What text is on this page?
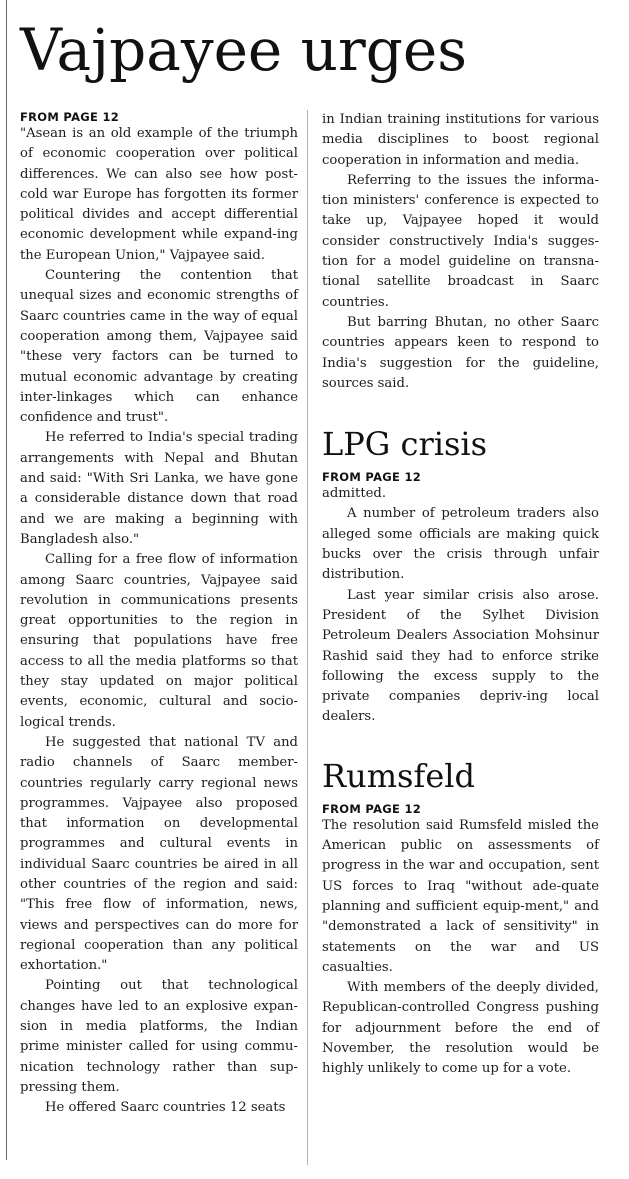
Vajpayee urges
FROM PAGE 12

"Asean is an old example of the triumph of economic cooperation over political differences. We can also see how post-cold war Europe has forgotten its former political divides and accept differential economic development while expand-ing the European Union," Vajpayee said.

Countering the contention that unequal sizes and economic strengths of Saarc countries came in the way of equal cooperation among them, Vajpayee said "these very factors can be turned to mutual economic advantage by creating inter-linkages which can enhance confidence and trust".

He referred to India's special trading arrangements with Nepal and Bhutan and said: "With Sri Lanka, we have gone a considerable distance down that road and we are making a beginning with Bangladesh also."

Calling for a free flow of information among Saarc countries, Vajpayee said revolution in communications presents great opportunities to the region in ensuring that populations have free access to all the media platforms so that they stay updated on major political events, economic, cultural and socio-logical trends.

He suggested that national TV and radio channels of Saarc member-countries regularly carry regional news programmes. Vajpayee also proposed that information on developmental programmes and cultural events in individual Saarc countries be aired in all other countries of the region and said: "This free flow of information, news, views and perspectives can do more for regional cooperation than any political exhortation."

Pointing out that technological changes have led to an explosive expan-sion in media platforms, the Indian prime minister called for using commu-nication technology rather than sup-pressing them.

He offered Saarc countries 12 seats

in Indian training institutions for various media disciplines to boost regional cooperation in information and media.

Referring to the issues the informa-tion ministers' conference is expected to take up, Vajpayee hoped it would consider constructively India's sugges-tion for a model guideline on transna-tional satellite broadcast in Saarc countries.

But barring Bhutan, no other Saarc countries appears keen to respond to India's suggestion for the guideline, sources said.

LPG crisis
FROM PAGE 12

admitted.

A number of petroleum traders also alleged some officials are making quick bucks over the crisis through unfair distribution.

Last year similar crisis also arose. President of the Sylhet Division Petroleum Dealers Association Mohsinur Rashid said they had to enforce strike following the excess supply to the private companies depriv-ing local dealers.

Rumsfeld
FROM PAGE 12

The resolution said Rumsfeld misled the American public on assessments of progress in the war and occupation, sent US forces to Iraq "without ade-quate planning and sufficient equip-ment," and "demonstrated a lack of sensitivity" in statements on the war and US casualties.

With members of the deeply divided, Republican-controlled Congress pushing for adjournment before the end of November, the resolution would be highly unlikely to come up for a vote.
